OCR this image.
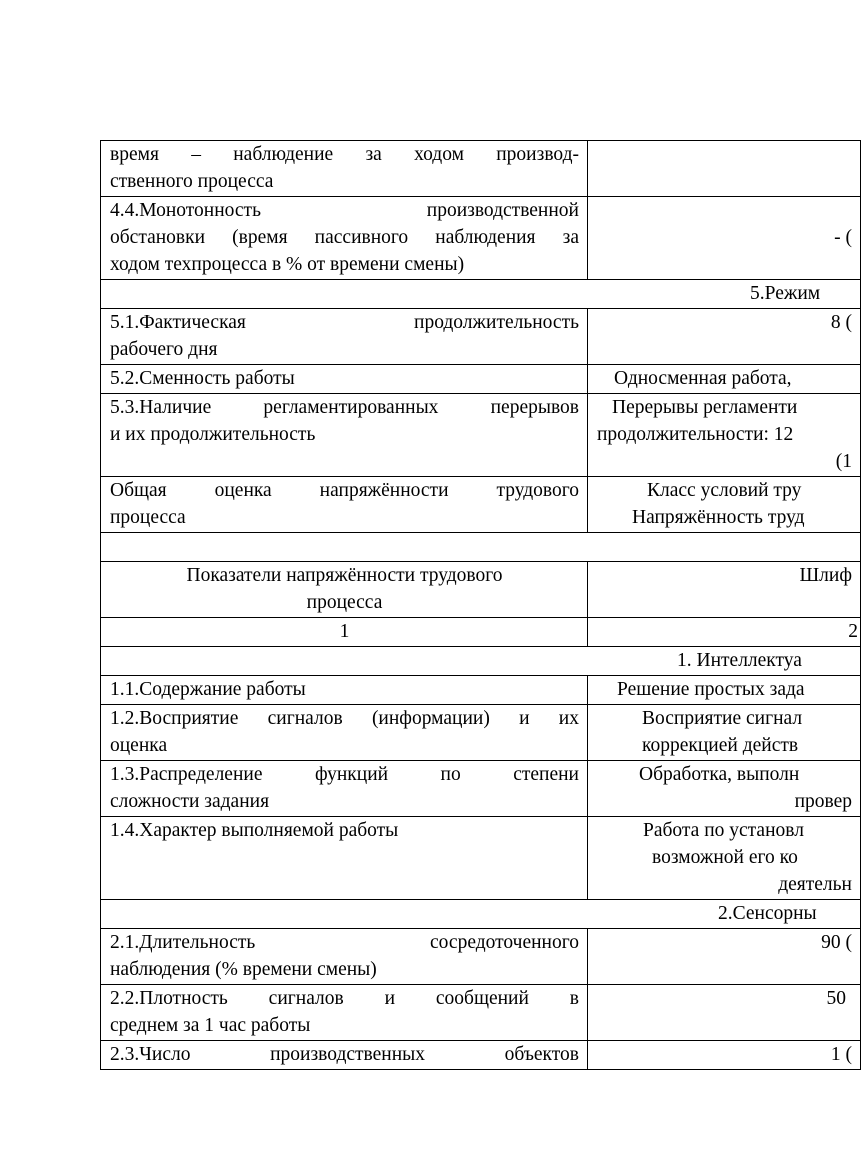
время – наблюдение за ходом производ-
ственного процесса	

4.4.Монотонность производственной
обстановки (время пассивного наблюдения за
ходом техпроцесса в % от времени смены)	- (

5.Режим	

5.1.Фактическая продолжительность
рабочего дня	8 (

5.2.Сменность работы	Односменная работа,

5.3.Наличие регламентированных перерывов
и их продолжительность	Перерывы регламенти
продолжительности: 12
(1

Общая оценка напряжённости трудового
процесса	Класс условий тру
Напряжённость труд

Показатели напряжённости трудового
процесса	Шлиф

1	2

1. Интеллектуа	

1.1.Содержание работы	Решение простых зада

1.2.Восприятие сигналов (информации) и их
оценка	Восприятие сигнал
коррекцией действ

1.3.Распределение функций по степени
сложности задания	Обработка, выполн
провер

1.4.Характер выполняемой работы	Работа по установл
возможной его ко
деятельн

2.Сенсорны	

2.1.Длительность сосредоточенного
наблюдения (% времени смены)	90 (

2.2.Плотность сигналов и сообщений в
среднем за 1 час работы	50

2.3.Число производственных объектов	1 (
